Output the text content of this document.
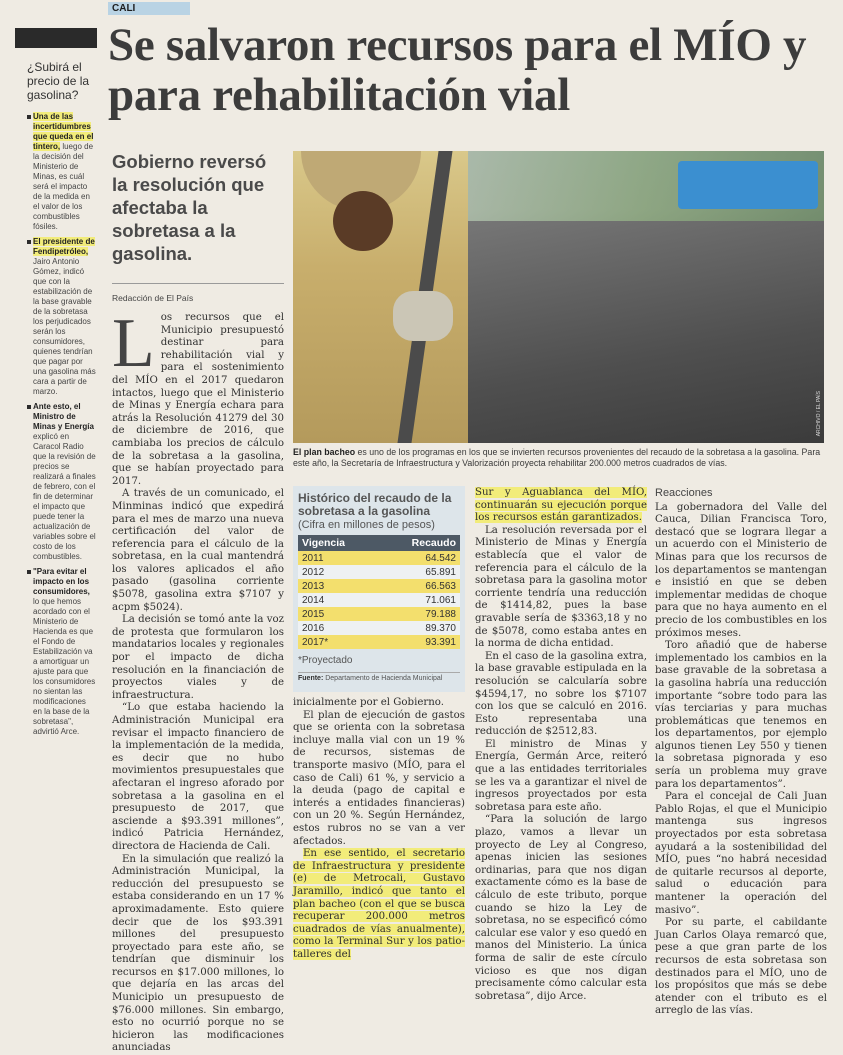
CALI
Se salvaron recursos para el MÍO y para rehabilitación vial
¿Subirá el precio de la gasolina?
Una de las incertidumbres que queda en el tintero, luego de la decisión del Ministerio de Minas, es cuál será el impacto de la medida en el valor de los combustibles fósiles.
El presidente de Fendipetróleo, Jairo Antonio Gómez, indicó que con la estabilización de la base gravable de la sobretasa los perjudicados serán los consumidores, quienes tendrían que pagar por una gasolina más cara a partir de marzo.
Ante esto, el Ministro de Minas y Energía explicó en Caracol Radio que la revisión de precios se realizará a finales de febrero, con el fin de determinar el impacto que puede tener la actualización de variables sobre el costo de los combustibles.
"Para evitar el impacto en los consumidores, lo que hemos acordado con el Ministerio de Hacienda es que el Fondo de Estabilización va a amortiguar un ajuste para que los consumidores no sientan las modificaciones en la base de la sobretasa", advirtió Arce.
Gobierno reversó la resolución que afectaba la sobretasa a la gasolina.
Redacción de El País
ARCHIVO / EL PAÍS
El plan bacheo es uno de los programas en los que se invierten recursos provenientes del recaudo de la sobretasa a la gasolina. Para este año, la Secretaría de Infraestructura y Valorización proyecta rehabilitar 200.000 metros cuadrados de vías.
L os recursos que el Municipio presupuestó destinar para rehabilitación vial y para el sostenimiento del MÍO en el 2017 quedaron intactos, luego que el Ministerio de Minas y Energía echara para atrás la Resolución 41279 del 30 de diciembre de 2016, que cambiaba los precios de cálculo de la sobretasa a la gasolina, que se habían proyectado para 2017.

A través de un comunicado, el Minminas indicó que expedirá para el mes de marzo una nueva certificación del valor de referencia para el cálculo de la sobretasa, en la cual mantendrá los valores aplicados el año pasado (gasolina corriente $5078, gasolina extra $7107 y acpm $5024).

La decisión se tomó ante la voz de protesta que formularon los mandatarios locales y regionales por el impacto de dicha resolución en la financiación de proyectos viales y de infraestructura.

“Lo que estaba haciendo la Administración Municipal era revisar el impacto financiero de la implementación de la medida, es decir que no hubo movimientos presupuestales que afectaran el ingreso aforado por sobretasa a la gasolina en el presupuesto de 2017, que asciende a $93.391 millones”, indicó Patricia Hernández, directora de Hacienda de Cali.

En la simulación que realizó la Administración Municipal, la reducción del presupuesto se estaba considerando en un 17 % aproximadamente. Esto quiere decir que de los $93.391 millones del presupuesto proyectado para este año, se tendrían que disminuir los recursos en $17.000 millones, lo que dejaría en las arcas del Municipio un presupuesto de $76.000 millones. Sin embargo, esto no ocurrió porque no se hicieron las modificaciones anunciadas

Histórico del recaudo de la sobretasa a la gasolina
(Cifra en millones de pesos)
Vigencia	Recaudo
2011	64.542
2012	65.891
2013	66.563
2014	71.061
2015	79.188
2016	89.370
2017*	93.391
*Proyectado
Fuente: Departamento de Hacienda Municipal

inicialmente por el Gobierno.

El plan de ejecución de gastos que se orienta con la sobretasa incluye malla vial con un 19 % de recursos, sistemas de transporte masivo (MÍO, para el caso de Cali) 61 %, y servicio a la deuda (pago de capital e interés a entidades financieras) con un 20 %. Según Hernández, estos rubros no se van a ver afectados.

En ese sentido, el secretario de Infraestructura y presidente (e) de Metrocali, Gustavo Jaramillo, indicó que tanto el plan bacheo (con el que se busca recuperar 200.000 metros cuadrados de vías anualmente), como la Terminal Sur y los patio-talleres del

Sur y Aguablanca del MÍO, continuarán su ejecución porque los recursos están garantizados.

La resolución reversada por el Ministerio de Minas y Energía establecía que el valor de referencia para el cálculo de la sobretasa para la gasolina motor corriente tendría una reducción de $1414,82, pues la base gravable sería de $3363,18 y no de $5078, como estaba antes en la norma de dicha entidad.

En el caso de la gasolina extra, la base gravable estipulada en la resolución se calcularía sobre $4594,17, no sobre los $7107 con los que se calculó en 2016. Esto representaba una reducción de $2512,83.

El ministro de Minas y Energía, Germán Arce, reiteró que a las entidades territoriales se les va a garantizar el nivel de ingresos proyectados por esta sobretasa para este año.

“Para la solución de largo plazo, vamos a llevar un proyecto de Ley al Congreso, apenas inicien las sesiones ordinarias, para que nos digan exactamente cómo es la base de cálculo de este tributo, porque cuando se hizo la Ley de sobretasa, no se especificó cómo calcular ese valor y eso quedó en manos del Ministerio. La única forma de salir de este círculo vicioso es que nos digan precisamente cómo calcular esta sobretasa”, dijo Arce.

Reacciones

La gobernadora del Valle del Cauca, Dilian Francisca Toro, destacó que se lograra llegar a un acuerdo con el Ministerio de Minas para que los recursos de los departamentos se mantengan e insistió en que se deben implementar medidas de choque para que no haya aumento en el precio de los combustibles en los próximos meses.

Toro añadió que de haberse implementado los cambios en la base gravable de la sobretasa a la gasolina habría una reducción importante “sobre todo para las vías terciarias y para muchas problemáticas que tenemos en los departamentos, por ejemplo algunos tienen Ley 550 y tienen la sobretasa pignorada y eso sería un problema muy grave para los departamentos”.

Para el concejal de Cali Juan Pablo Rojas, el que el Municipio mantenga sus ingresos proyectados por esta sobretasa ayudará a la sostenibilidad del MÍO, pues “no habrá necesidad de quitarle recursos al deporte, salud o educación para mantener la operación del masivo”.

Por su parte, el cabildante Juan Carlos Olaya remarcó que, pese a que gran parte de los recursos de esta sobretasa son destinados para el MÍO, uno de los propósitos que más se debe atender con el tributo es el arreglo de las vías.
